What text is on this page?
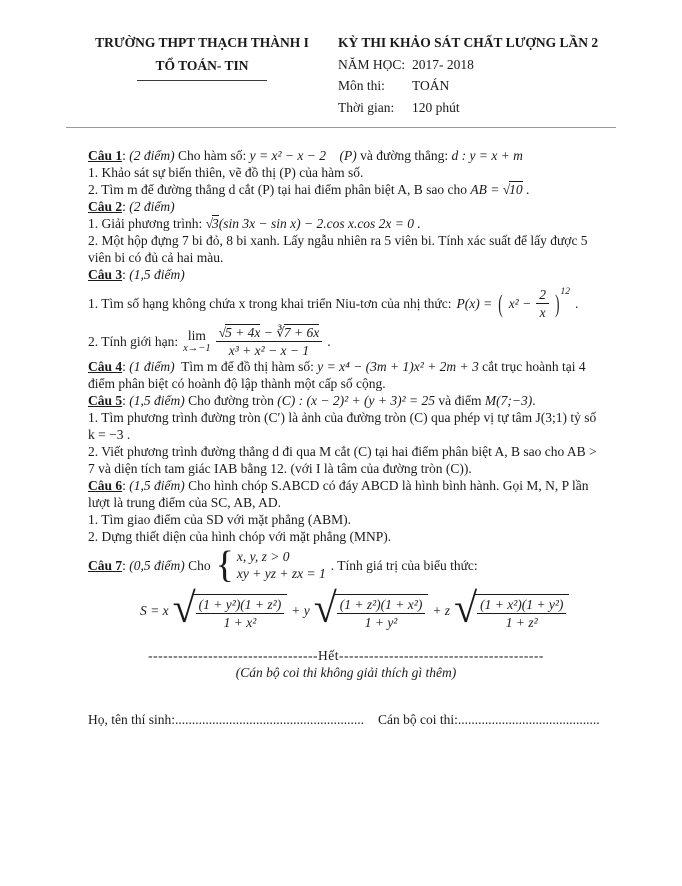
TRƯỜNG THPT THẠCH THÀNH I
TỔ TOÁN- TIN
KỲ THI KHẢO SÁT CHẤT LƯỢNG LẦN 2
NĂM HỌC: 2017- 2018
Môn thi: TOÁN
Thời gian: 120 phút

Câu 1: (2 điểm) Cho hàm số: y = x² − x − 2 (P) và đường thẳng: d : y = x + m

1. Khảo sát sự biến thiên, vẽ đồ thị (P) của hàm số.

2. Tìm m để đường thẳng d cắt (P) tại hai điểm phân biệt A, B sao cho AB = √10 .

Câu 2: (2 điểm)

1. Giải phương trình: √3(sin 3x − sin x) − 2.cos x.cos 2x = 0 .

2. Một hộp đựng 7 bi đỏ, 8 bi xanh. Lấy ngẫu nhiên ra 5 viên bi. Tính xác suất để lấy được 5 viên bi có đủ cả hai màu.

Câu 3: (1,5 điểm)

1. Tìm số hạng không chứa x trong khai triển Niu-tơn của nhị thức: P(x) = ( $x^2 - \frac{2}{x}$ ) 12
.
2. Tính giới hạn: lim
$x\to-1 \frac{√5 + 4x - ∛7 + 6x}{\text{x³ + x² − x − 1}}$ .

Câu 4: (1 điểm) Tìm m để đồ thị hàm số: y = x⁴ − (3m + 1)x² + 2m + 3 cắt trục hoành tại 4 điểm phân biệt có hoành độ lập thành một cấp số cộng.

Câu 5: (1,5 điểm) Cho đường tròn (C) : (x − 2)² + (y + 3)² = 25 và điểm M(7;−3).

1. Tìm phương trình đường tròn (C′) là ảnh của đường tròn (C) qua phép vị tự tâm J(3;1) tỷ số k = −3 .

2. Viết phương trình đường thẳng d đi qua M cắt (C) tại hai điểm phân biệt A, B sao cho AB > 7 và diện tích tam giác IAB bằng 12. (với I là tâm của đường tròn (C)).

Câu 6: (1,5 điểm) Cho hình chóp S.ABCD có đáy ABCD là hình bình hành. Gọi M, N, P lần lượt là trung điểm của SC, AB, AD.

1. Tìm giao điểm của SD với mặt phẳng (ABM).

2. Dựng thiết diện của hình chóp với mặt phẳng (MNP).

Câu 7: (0,5 điểm) Cho { x, y, z > 0
xy + yz + zx = 1
. Tính giá trị của biểu thức:
S = x √ $\frac{\text{(1 + y²)(1 + z²)}}{\text{1 + x²}} + y$ √ $\frac{\text{(1 + z²)(1 + x²)}}{\text{1 + y²}} + z$ √ $\frac{\text{(1 + x²)(1 + y²)}}{\text{1 + z²}}$

----------------------------------Hết-----------------------------------------

(Cán bộ coi thi không giải thích gì thêm)

Họ, tên thí sinh:........................................................ Cán bộ coi thi:..........................................
